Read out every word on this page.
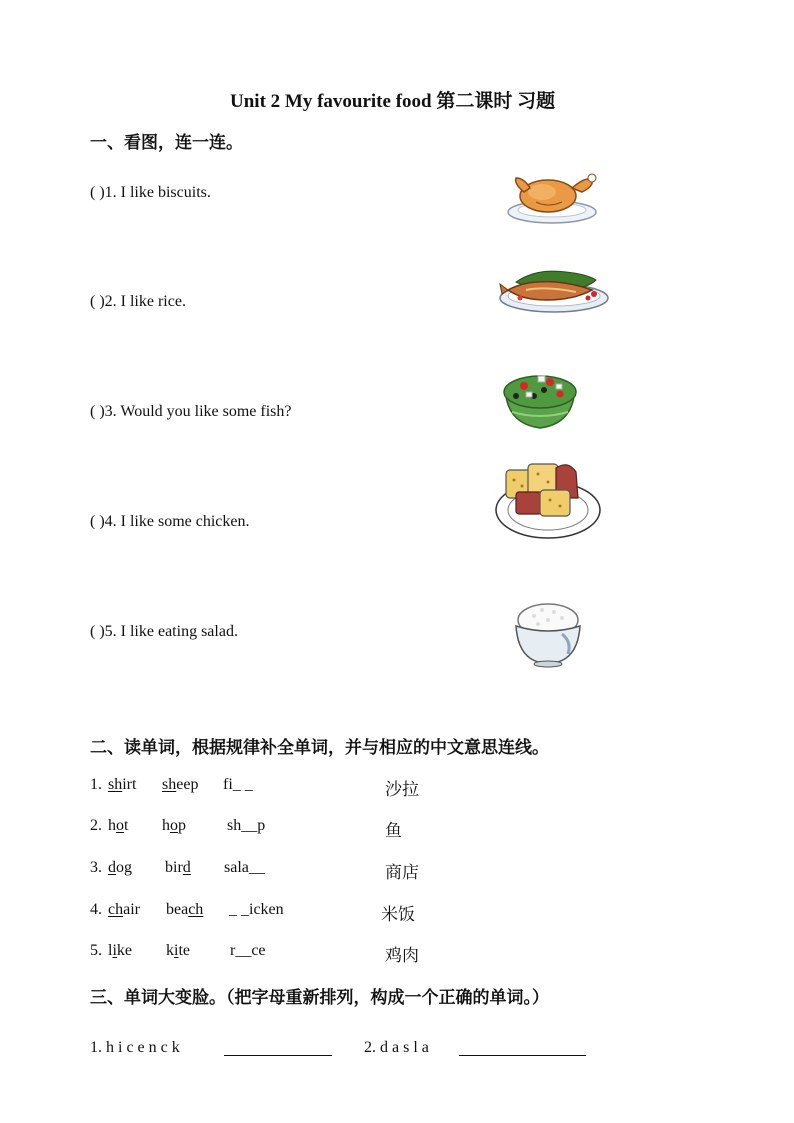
Unit 2 My favourite food 第二课时 习题
一、看图，连一连。
( )1. I like biscuits.
( )2. I like rice.
( )3. Would you like some fish?
( )4. I like some chicken.
( )5. I like eating salad.
二、读单词，根据规律补全单词，并与相应的中文意思连线。
1. shirt sheep fi_ _	沙拉
2. hot hop	sh__p	鱼
3. dog bird sala__	商店
4. chair beach _ _icken	米饭
5. like kite	r__ce	鸡肉
三、单词大变脸。（把字母重新排列，构成一个正确的单词。）
1. h i c e n c k	2. d a s l a
